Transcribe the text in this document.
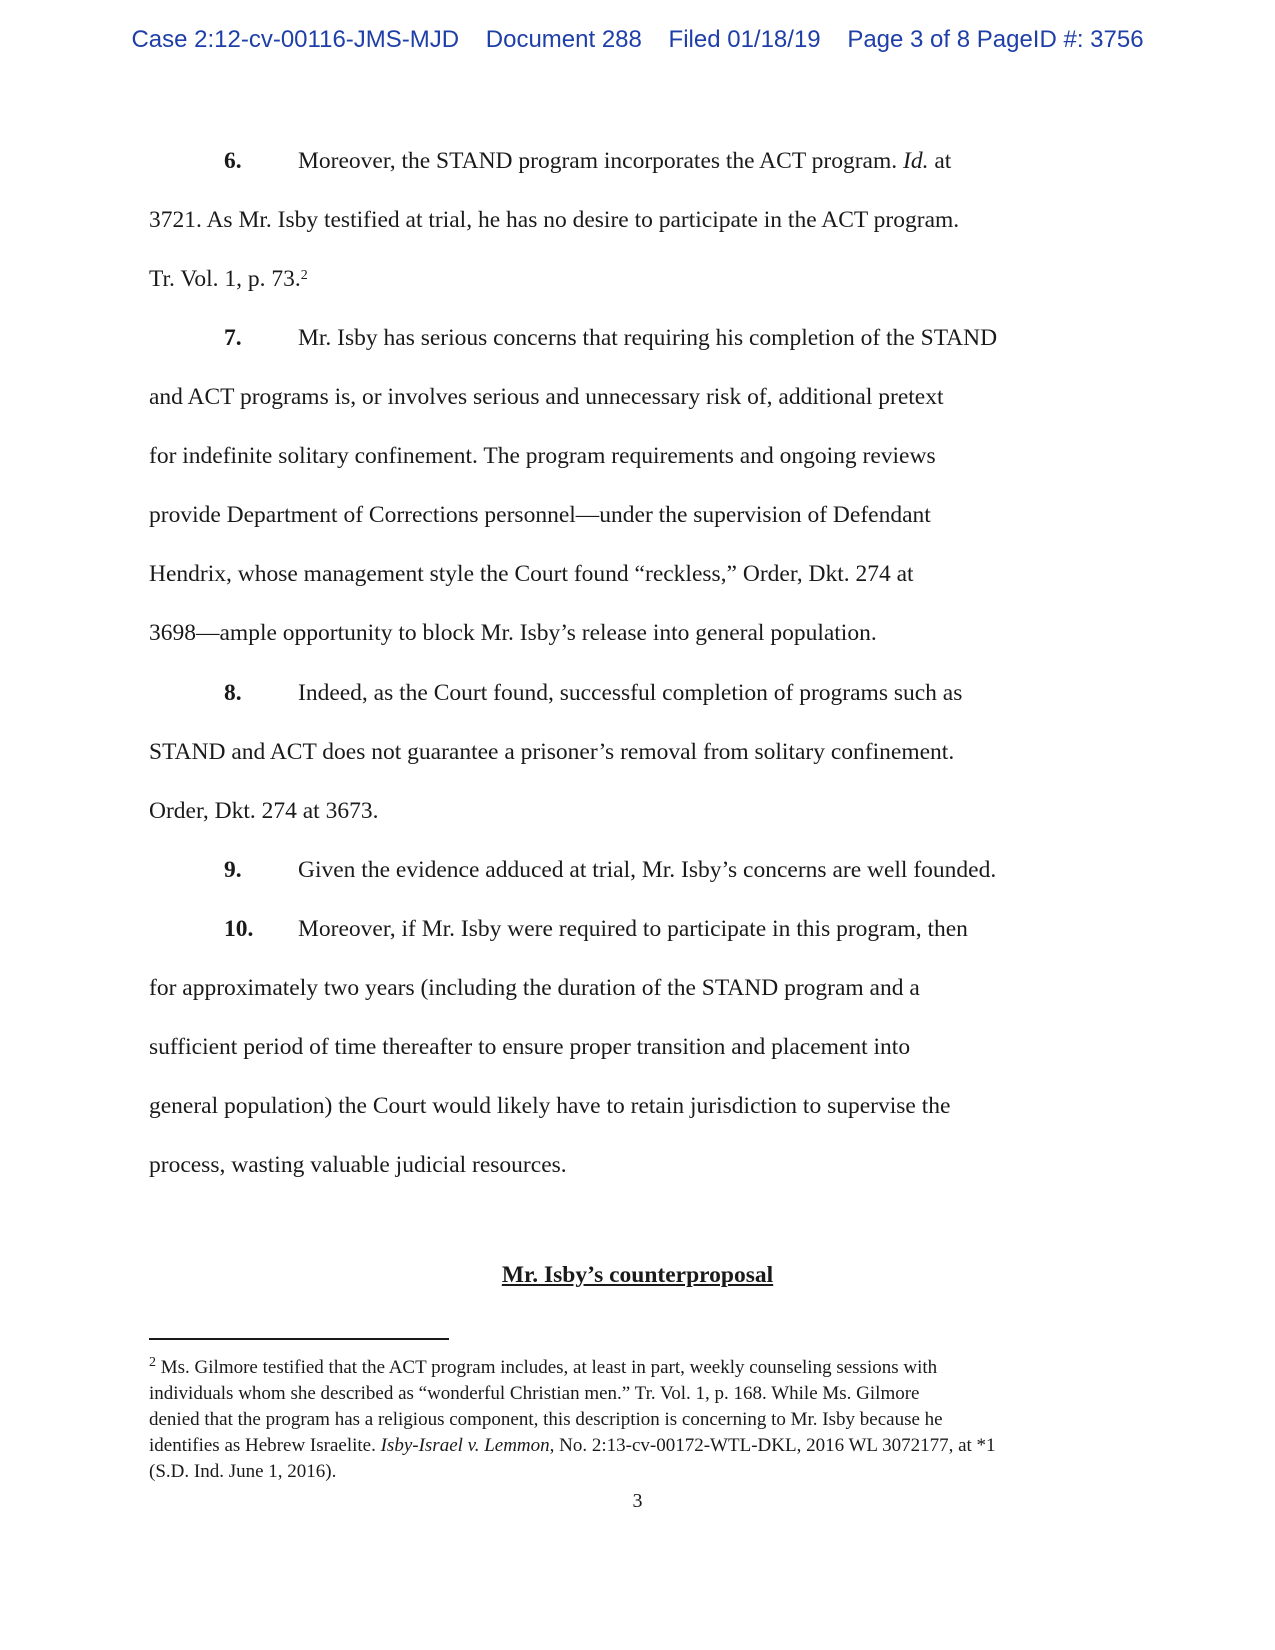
Case 2:12-cv-00116-JMS-MJD    Document 288    Filed 01/18/19    Page 3 of 8 PageID #: 3756
6. Moreover, the STAND program incorporates the ACT program. Id. at
3721. As Mr. Isby testified at trial, he has no desire to participate in the ACT program.
Tr. Vol. 1, p. 73.$^2$
7. Mr. Isby has serious concerns that requiring his completion of the STAND
and ACT programs is, or involves serious and unnecessary risk of, additional pretext
for indefinite solitary confinement. The program requirements and ongoing reviews
provide Department of Corrections personnel—under the supervision of Defendant
Hendrix, whose management style the Court found “reckless,” Order, Dkt. 274 at
3698—ample opportunity to block Mr. Isby’s release into general population.
8. Indeed, as the Court found, successful completion of programs such as
STAND and ACT does not guarantee a prisoner’s removal from solitary confinement.
Order, Dkt. 274 at 3673.
9. Given the evidence adduced at trial, Mr. Isby’s concerns are well founded.
10. Moreover, if Mr. Isby were required to participate in this program, then
for approximately two years (including the duration of the STAND program and a
sufficient period of time thereafter to ensure proper transition and placement into
general population) the Court would likely have to retain jurisdiction to supervise the
process, wasting valuable judicial resources.
Mr. Isby’s counterproposal
$^2$ Ms. Gilmore testified that the ACT program includes, at least in part, weekly counseling sessions with
individuals whom she described as “wonderful Christian men.” Tr. Vol. 1, p. 168. While Ms. Gilmore
denied that the program has a religious component, this description is concerning to Mr. Isby because he
identifies as Hebrew Israelite. Isby-Israel v. Lemmon, No. 2:13-cv-00172-WTL-DKL, 2016 WL 3072177, at *1
(S.D. Ind. June 1, 2016).
3
